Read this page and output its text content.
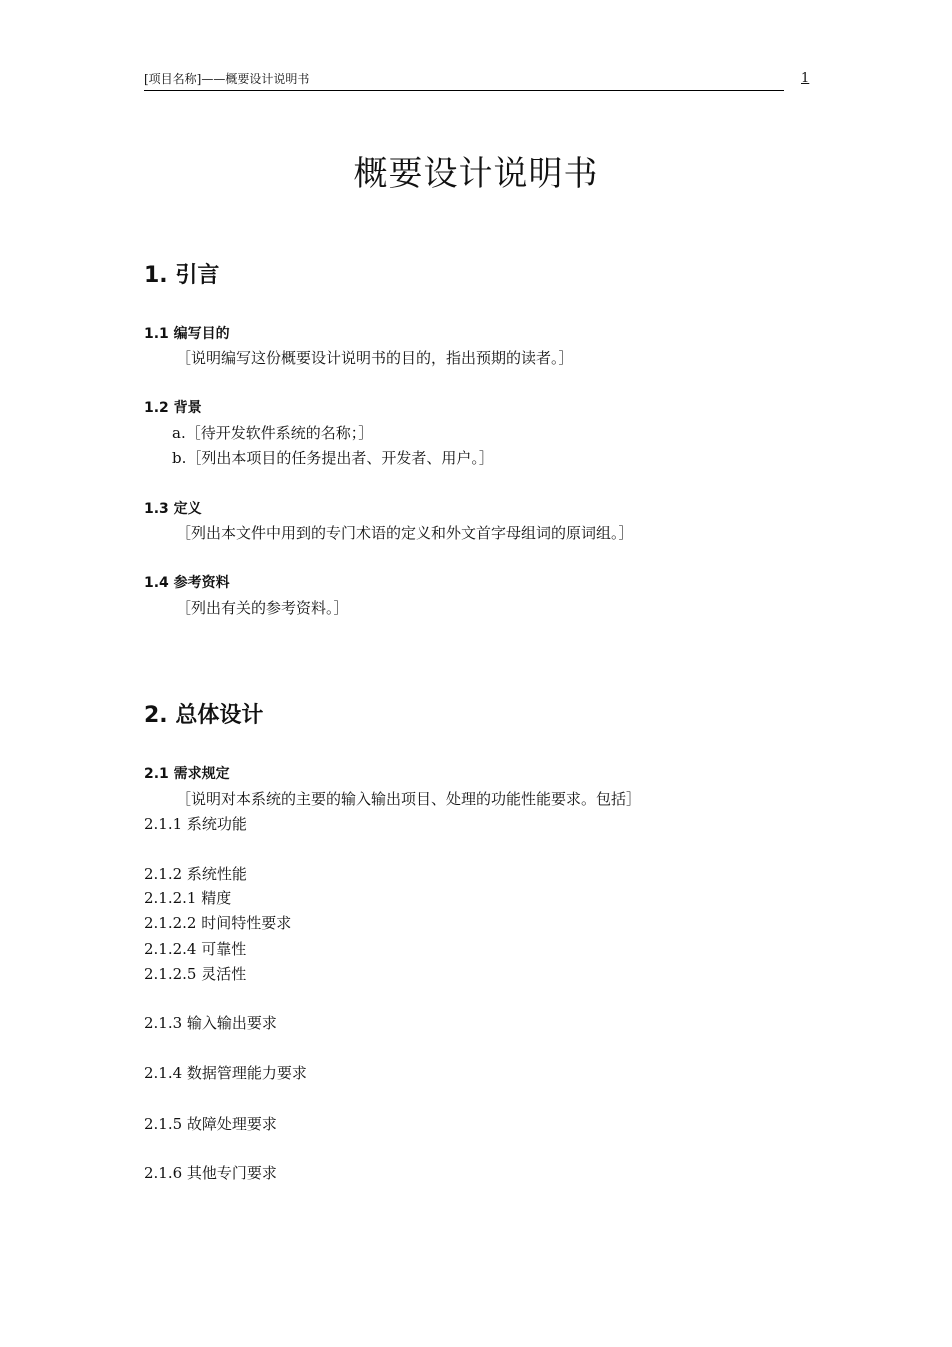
[项目名称]——概要设计说明书	1
概要设计说明书
1. 引言
1.1 编写目的
［说明编写这份概要设计说明书的目的，指出预期的读者。］
1.2 背景
a.［待开发软件系统的名称；］
b.［列出本项目的任务提出者、开发者、用户。］
1.3 定义
［列出本文件中用到的专门术语的定义和外文首字母组词的原词组。］
1.4 参考资料
［列出有关的参考资料。］
2. 总体设计
2.1 需求规定
［说明对本系统的主要的输入输出项目、处理的功能性能要求。包括］
2.1.1 系统功能
2.1.2 系统性能
2.1.2.1 精度
2.1.2.2 时间特性要求
2.1.2.4 可靠性
2.1.2.5 灵活性
2.1.3 输入输出要求
2.1.4 数据管理能力要求
2.1.5 故障处理要求
2.1.6 其他专门要求
